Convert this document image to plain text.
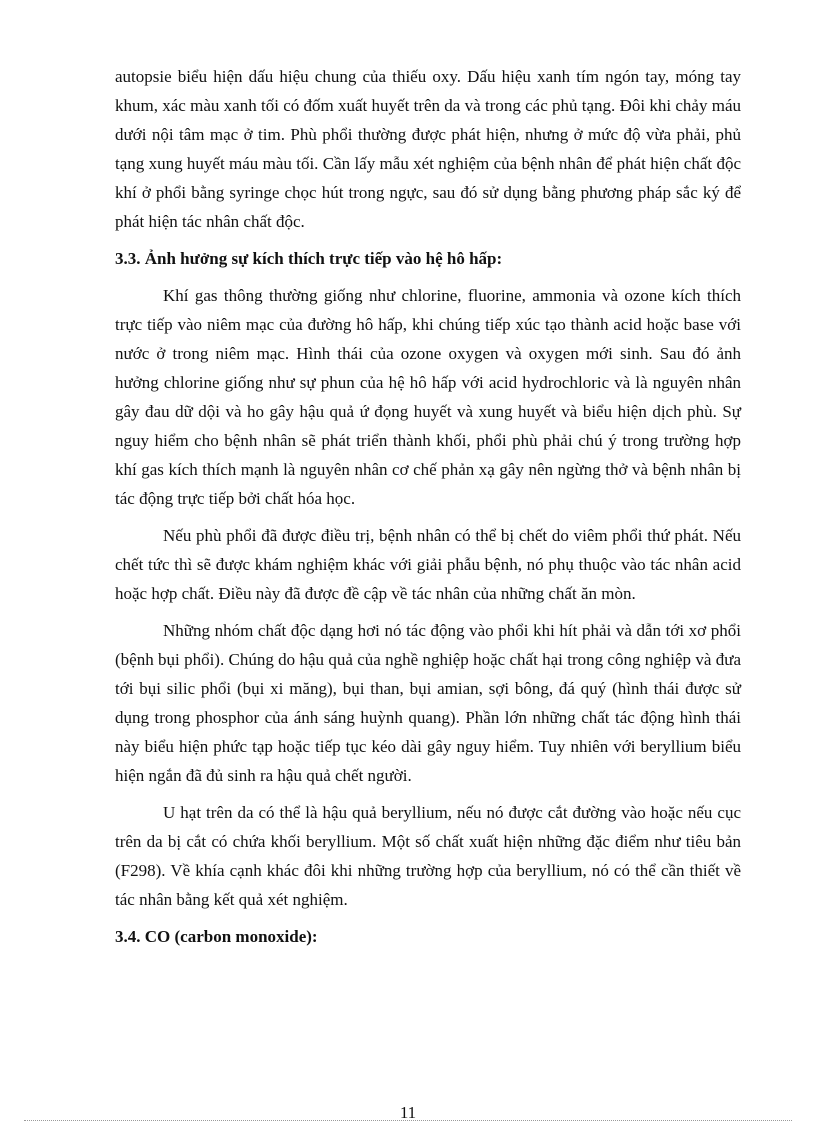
autopsie biểu hiện dấu hiệu chung của thiếu oxy. Dấu hiệu xanh tím ngón tay, móng tay khum, xác màu xanh tối có đốm xuất huyết trên da và trong các phủ tạng. Đôi khi chảy máu dưới nội tâm mạc ở tim. Phù phổi thường được phát hiện, nhưng ở mức độ vừa phải, phủ tạng xung huyết máu màu tối. Cần lấy mẫu xét nghiệm của bệnh nhân để phát hiện chất độc khí ở phổi bằng syringe chọc hút trong ngực, sau đó sử dụng bằng phương pháp sắc ký để phát hiện tác nhân chất độc.

3.3. Ảnh hưởng sự kích thích trực tiếp vào hệ hô hấp:

Khí gas thông thường giống như chlorine, fluorine, ammonia và ozone kích thích trực tiếp vào niêm mạc của đường hô hấp, khi chúng tiếp xúc tạo thành acid hoặc base với nước ở trong niêm mạc. Hình thái của ozone oxygen và oxygen mới sinh. Sau đó ảnh hưởng chlorine giống như sự phun của hệ hô hấp với acid hydrochloric và là nguyên nhân gây đau dữ dội và ho gây hậu quả ứ đọng huyết và xung huyết và biểu hiện dịch phù. Sự nguy hiểm cho bệnh nhân sẽ phát triển thành khối, phổi phù phải chú ý trong trường hợp khí gas kích thích mạnh là nguyên nhân cơ chế phản xạ gây nên ngừng thở và bệnh nhân bị tác động trực tiếp bởi chất hóa học.

Nếu phù phổi đã được điều trị, bệnh nhân có thể bị chết do viêm phổi thứ phát. Nếu chết tức thì sẽ được khám nghiệm khác với giải phẫu bệnh, nó phụ thuộc vào tác nhân acid hoặc hợp chất. Điều này đã được đề cập về tác nhân của những chất ăn mòn.

Những nhóm chất độc dạng hơi nó tác động vào phổi khi hít phải và dẫn tới xơ phổi (bệnh bụi phổi). Chúng do hậu quả của nghề nghiệp hoặc chất hại trong công nghiệp và đưa tới bụi silic phổi (bụi xi măng), bụi than, bụi amian, sợi bông, đá quý (hình thái được sử dụng trong phosphor của ánh sáng huỳnh quang). Phần lớn những chất tác động hình thái này biểu hiện phức tạp hoặc tiếp tục kéo dài gây nguy hiểm. Tuy nhiên với beryllium biểu hiện ngắn đã đủ sinh ra hậu quả chết người.

U hạt trên da có thể là hậu quả beryllium, nếu nó được cắt đường vào hoặc nếu cục trên da bị cắt có chứa khối beryllium. Một số chất xuất hiện những đặc điểm như tiêu bản (F298). Về khía cạnh khác đôi khi những trường hợp của beryllium, nó có thể cần thiết về tác nhân bằng kết quả xét nghiệm.

3.4. CO (carbon monoxide):
11
